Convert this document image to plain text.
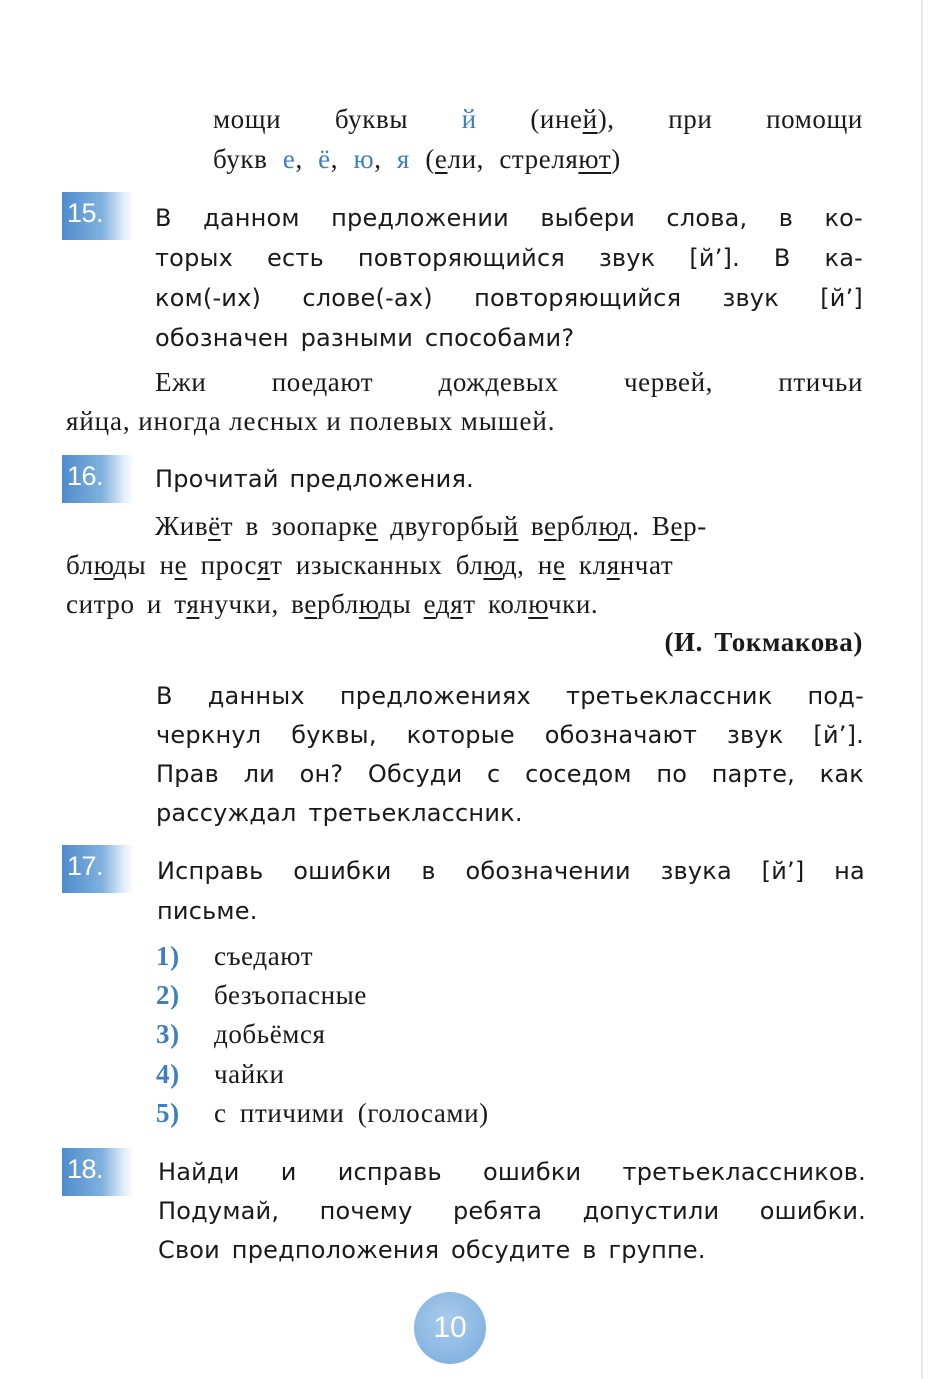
мощи буквы й (иней), при помощи
букв е, ё, ю, я (ели, стреляют)
15.	В данном предложении выбери слова, в ко-
торых есть повторяющийся звук [й’]. В ка-
ком(-их) слове(-ах) повторяющийся звук [й’]
обозначен разными способами?
Ежи поедают дождевых червей, птичьи
яйца, иногда лесных и полевых мышей.
16.	Прочитай предложения.
Живёт в зоопарке двугорбый верблюд. Вер-
блюды не просят изысканных блюд, не клянчат
ситро и тянучки, верблюды едят колючки.
(И. Токмакова)
В данных предложениях третьеклассник под-
черкнул буквы, которые обозначают звук [й’].
Прав ли он? Обсуди с соседом по парте, как
рассуждал третьеклассник.
17.	Исправь ошибки в обозначении звука [й’] на
письме.
1) съедают
2) безъопасные
3) добьёмся
4) чайки
5) с птичими (голосами)
18.	Найди и исправь ошибки третьеклассников.
Подумай, почему ребята допустили ошибки.
Свои предположения обсудите в группе.
10
